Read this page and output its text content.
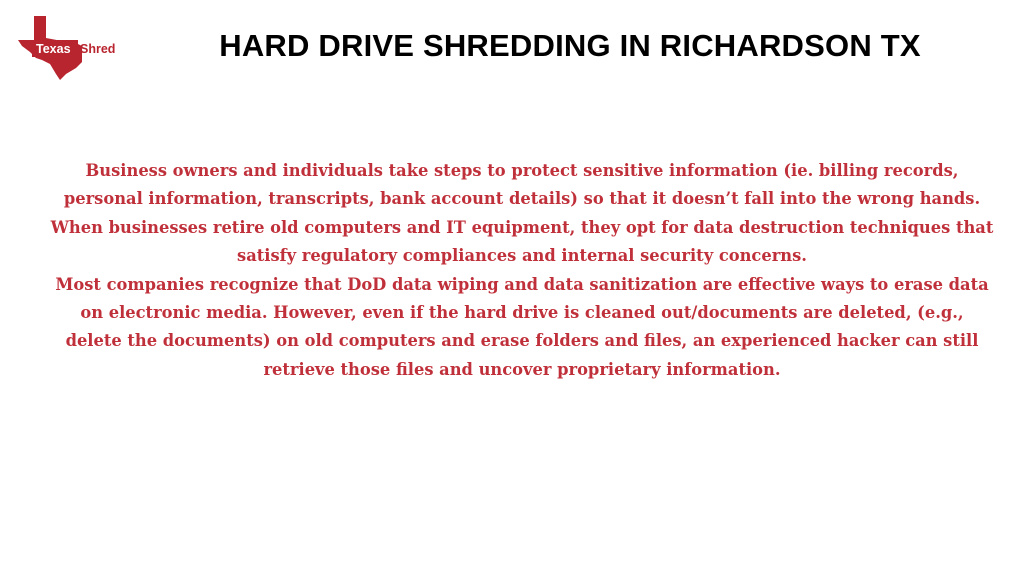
Texas Shred	HARD DRIVE SHREDDING IN RICHARDSON TX

Business owners and individuals take steps to protect sensitive information (ie. billing records, personal information, transcripts, bank account details) so that it doesn’t fall into the wrong hands.

When businesses retire old computers and IT equipment, they opt for data destruction techniques that satisfy regulatory compliances and internal security concerns.

Most companies recognize that DoD data wiping and data sanitization are effective ways to erase data on electronic media. However, even if the hard drive is cleaned out/documents are deleted, (e.g., delete the documents) on old computers and erase folders and files, an experienced hacker can still retrieve those files and uncover proprietary information.
